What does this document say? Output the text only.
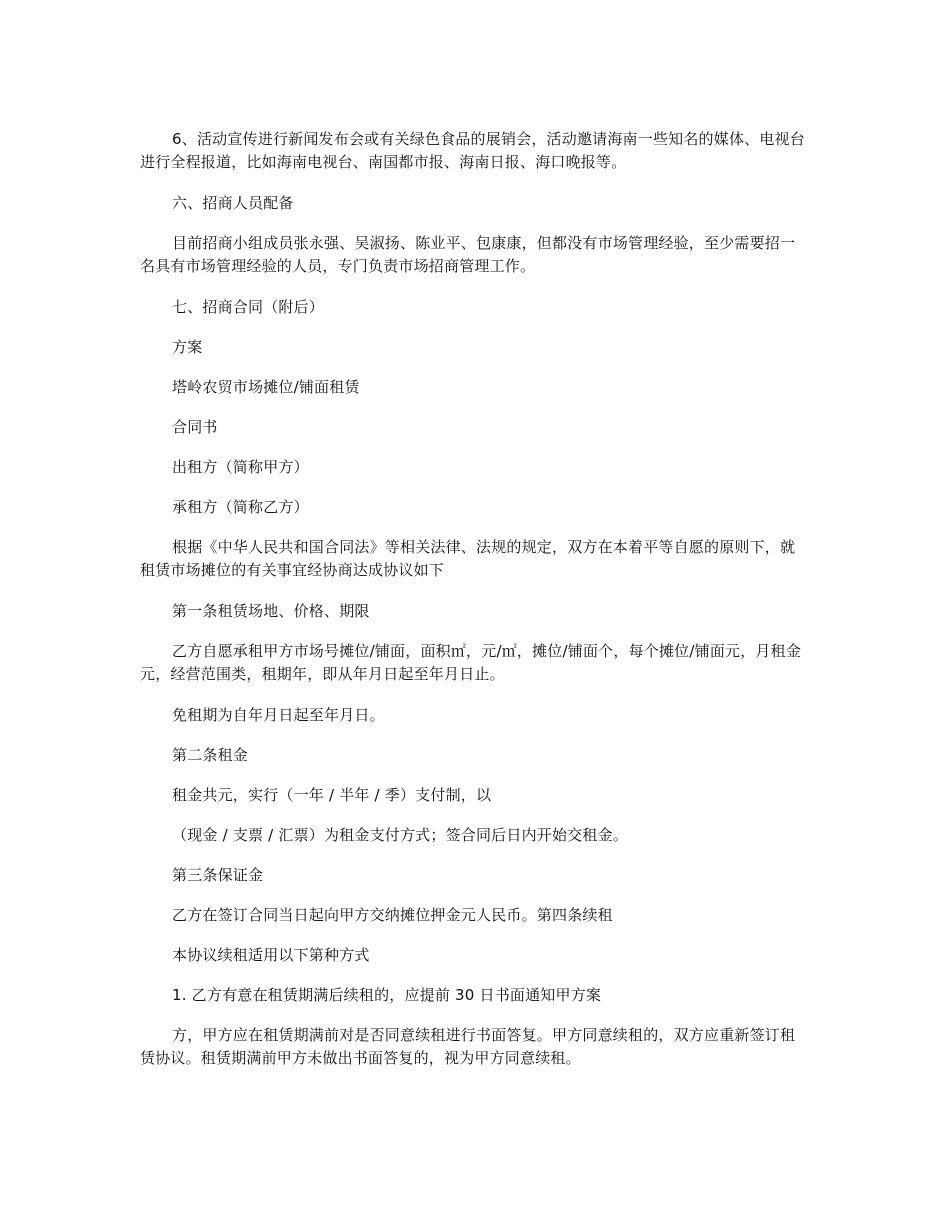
6、活动宣传进行新闻发布会或有关绿色食品的展销会，活动邀请海南一些知名的媒体、电视台进行全程报道，比如海南电视台、南国都市报、海南日报、海口晚报等。

六、招商人员配备

目前招商小组成员张永强、吴淑扬、陈业平、包康康，但都没有市场管理经验，至少需要招一名具有市场管理经验的人员，专门负责市场招商管理工作。

七、招商合同（附后）

方案

塔岭农贸市场摊位/铺面租赁

合同书

出租方（简称甲方）

承租方（简称乙方）

根据《中华人民共和国合同法》等相关法律、法规的规定，双方在本着平等自愿的原则下，就租赁市场摊位的有关事宜经协商达成协议如下

第一条租赁场地、价格、期限

乙方自愿承租甲方市场号摊位/铺面，面积㎡，元/㎡，摊位/铺面个，每个摊位/铺面元，月租金元，经营范围类，租期年，即从年月日起至年月日止。

免租期为自年月日起至年月日。

第二条租金

租金共元，实行（一年 / 半年 / 季）支付制，以

（现金 / 支票 / 汇票）为租金支付方式；签合同后日内开始交租金。

第三条保证金

乙方在签订合同当日起向甲方交纳摊位押金元人民币。第四条续租

本协议续租适用以下第种方式

1. 乙方有意在租赁期满后续租的，应提前 30 日书面通知甲方案

方，甲方应在租赁期满前对是否同意续租进行书面答复。甲方同意续租的，双方应重新签订租赁协议。租赁期满前甲方未做出书面答复的，视为甲方同意续租。
